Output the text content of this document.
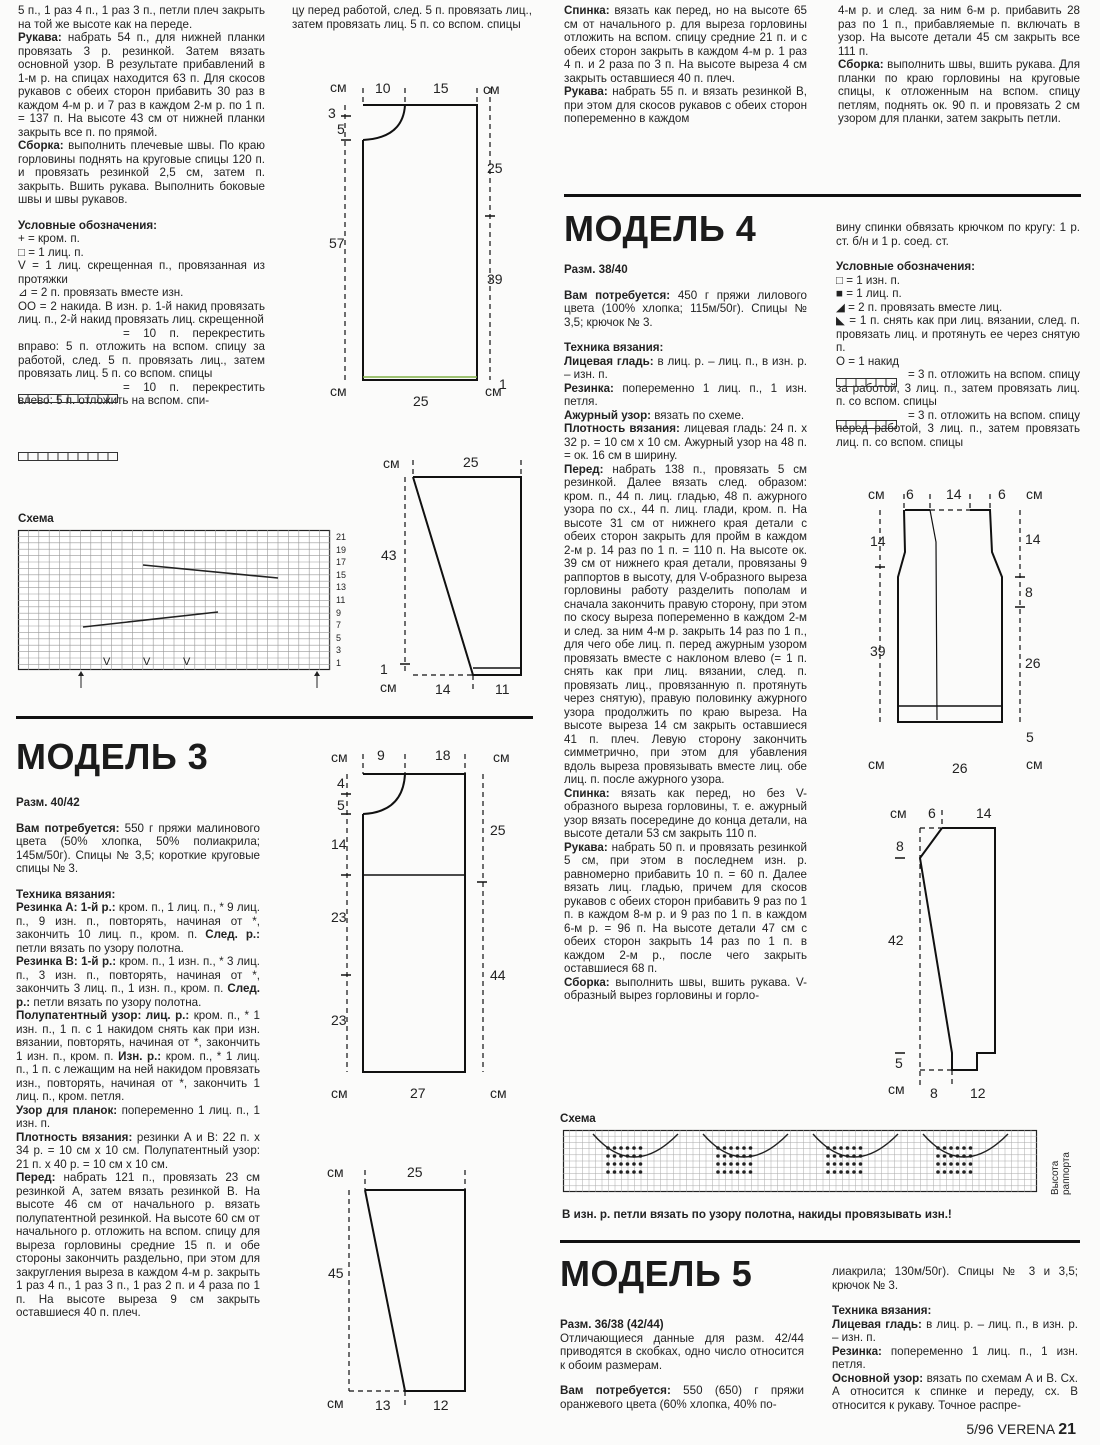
5 п., 1 раз 4 п., 1 раз 3 п., петли плеч закрыть на той же высоте как на переде.

Рукава: набрать 54 п., для нижней планки провязать 3 р. резинкой. Затем вязать основной узор. В результате прибавлений в 1-м р. на спицах находится 63 п. Для скосов рукавов с обеих сторон прибавить 30 раз в каждом 4-м р. и 7 раз в каждом 2-м р. по 1 п. = 137 п. На высоте 43 см от нижней планки закрыть все п. по прямой.

Сборка: выполнить плечевые швы. По краю горловины поднять на круговые спицы 120 п. и провязать резинкой 2,5 см, затем п. закрыть. Вшить рукава. Выполнить боковые швы и швы рукавов.

Условные обозначения:

+ = кром. п.

□ = 1 лиц. п.

V = 1 лиц. скрещенная п., провязанная из протяжки

⊿ = 2 п. провязать вместе изн.

OO = 2 накида. В изн. р. 1-й накид провязать лиц. п., 2-й накид провязать лиц. скрещенной

= 10 п. перекрестить вправо: 5 п. отложить на вспом. спицу за работой, след. 5 п. провязать лиц., затем провязать лиц. 5 п. со вспом. спицы

= 10 п. перекрестить влево: 5 п. отложить на вспом. спи-

Схема
V	V	V
21
19
17
15
13
11
9
7
5
3
1
МОДЕЛЬ 3

Разм. 40/42

Вам потребуется: 550 г пряжи малинового цвета (50% хлопка, 50% полиакрила; 145м/50г). Спицы № 3,5; короткие круговые спицы № 3.

Техника вязания:

Резинка А: 1-й р.: кром. п., 1 лиц. п., * 9 лиц. п., 9 изн. п., повторять, начиная от *, закончить 10 лиц. п., кром. п. След. р.: петли вязать по узору полотна.

Резинка В: 1-й р.: кром. п., 1 изн. п., * 3 лиц. п., 3 изн. п., повторять, начиная от *, закончить 3 лиц. п., 1 изн. п., кром. п. След. р.: петли вязать по узору полотна.

Полупатентный узор: лиц. р.: кром. п., * 1 изн. п., 1 п. с 1 накидом снять как при изн. вязании, повторять, начиная от *, закончить 1 изн. п., кром. п. Изн. р.: кром. п., * 1 лиц. п., 1 п. с лежащим на ней накидом провязать изн., повторять, начиная от *, закончить 1 лиц. п., кром. петля.

Узор для планок: попеременно 1 лиц. п., 1 изн. п.

Плотность вязания: резинки А и В: 22 п. х 34 р. = 10 см х 10 см. Полупатентный узор: 21 п. х 40 р. = 10 см х 10 см.

Перед: набрать 121 п., провязать 23 см резинкой А, затем вязать резинкой В. На высоте 46 см от начального р. вязать полупатентной резинкой. На высоте 60 см от начального р. отложить на вспом. спицу для выреза горловины средние 15 п. и обе стороны закончить раздельно, при этом для закругления выреза в каждом 4-м р. закрыть 1 раз 4 п., 1 раз 3 п., 1 раз 2 п. и 4 раза по 1 п. На высоте выреза 9 см закрыть оставшиеся 40 п. плеч.

цу перед работой, след. 5 п. провязать лиц., затем провязать лиц. 5 п. со вспом. спицы

см
см	см
см
10	15
3
5
25
57
39
25
1
см
см
25
43
14	11
1
см	см
см	см
9	18
4
5
14
25
23
44
23
27
см
см
25
45
13	12

Спинка: вязать как перед, но на высоте 65 см от начального р. для выреза горловины отложить на вспом. спицу средние 21 п. и с обеих сторон закрыть в каждом 4-м р. 1 раз 4 п. и 2 раза по 3 п. На высоте выреза 4 см закрыть оставшиеся 40 п. плеч.

Рукава: набрать 55 п. и вязать резинкой В, при этом для скосов рукавов с обеих сторон попеременно в каждом

4-м р. и след. за ним 6-м р. прибавить 28 раз по 1 п., прибавляемые п. включать в узор. На высоте детали 45 см закрыть все 111 п.

Сборка: выполнить швы, вшить рукава. Для планки по краю горловины на круговые спицы, к отложенным на вспом. спицу петлям, поднять ок. 90 п. и провязать 2 см узором для планки, затем закрыть петли.

МОДЕЛЬ 4

Разм. 38/40

Вам потребуется: 450 г пряжи лилового цвета (100% хлопка; 115м/50г). Спицы № 3,5; крючок № 3.

Техника вязания:

Лицевая гладь: в лиц. р. – лиц. п., в изн. р. – изн. п.

Резинка: попеременно 1 лиц. п., 1 изн. петля.

Ажурный узор: вязать по схеме.

Плотность вязания: лицевая гладь: 24 п. х 32 р. = 10 см х 10 см. Ажурный узор на 48 п. = ок. 16 см в ширину.

Перед: набрать 138 п., провязать 5 см резинкой. Далее вязать след. образом: кром. п., 44 п. лиц. гладью, 48 п. ажурного узора по сх., 44 п. лиц. глади, кром. п. На высоте 31 см от нижнего края детали с обеих сторон закрыть для пройм в каждом 2-м р. 14 раз по 1 п. = 110 п. На высоте ок. 39 см от нижнего края детали, провязаны 9 раппортов в высоту, для V-образного выреза горловины работу разделить пополам и сначала закончить правую сторону, при этом по скосу выреза попеременно в каждом 2-м и след. за ним 4-м р. закрыть 14 раз по 1 п., для чего обе лиц. п. перед ажурным узором провязать вместе с наклоном влево (= 1 п. снять как при лиц. вязании, след. п. провязать лиц., провязанную п. протянуть через снятую), правую половинку ажурного узора продолжить по краю выреза. На высоте выреза 14 см закрыть оставшиеся 41 п. плеч. Левую сторону закончить симметрично, при этом для убавления вдоль выреза провязывать вместе лиц. обе лиц. п. после ажурного узора.

Спинка: вязать как перед, но без V-образного выреза горловины, т. е. ажурный узор вязать посередине до конца детали, на высоте детали 53 см закрыть 110 п.

Рукава: набрать 50 п. и провязать резинкой 5 см, при этом в последнем изн. р. равномерно прибавить 10 п. = 60 п. Далее вязать лиц. гладью, причем для скосов рукавов с обеих сторон прибавить 9 раз по 1 п. в каждом 8-м р. и 9 раз по 1 п. в каждом 6-м р. = 96 п. На высоте детали 47 см с обеих сторон закрыть 14 раз по 1 п. в каждом 2-м р., после чего закрыть оставшиеся 68 п.

Сборка: выполнить швы, вшить рукава. V-образный вырез горловины и горло-

вину спинки обвязать крючком по кругу: 1 р. ст. б/н и 1 р. соед. ст.

Условные обозначения:

□ = 1 изн. п.

■ = 1 лиц. п.

◢ = 2 п. провязать вместе лиц.

◣ = 1 п. снять как при лиц. вязании, след. п. провязать лиц. и протянуть ее через снятую п.

O = 1 накид

= 3 п. отложить на вспом. спицу за работой, 3 лиц. п., затем провязать лиц. п. со вспом. спицы

= 3 п. отложить на вспом. спицу перед работой, 3 лиц. п., затем провязать лиц. п. со вспом. спицы

см	см
см	см
6 14	6
14	14
8
39
26
26
5
см
см
6	14
8
42
5
8 12
Схема
Высота раппорта
В изн. р. петли вязать по узору полотна, накиды провязывать изн.!
МОДЕЛЬ 5

Разм. 36/38 (42/44)

Отличающиеся данные для разм. 42/44 приводятся в скобках, одно число относится к обоим размерам.

Вам потребуется: 550 (650) г пряжи оранжевого цвета (60% хлопка, 40% по-

лиакрила; 130м/50г). Спицы № 3 и 3,5; крючок № 3.

Техника вязания:

Лицевая гладь: в лиц. р. – лиц. п., в изн. р. – изн. п.

Резинка: попеременно 1 лиц. п., 1 изн. петля.

Основной узор: вязать по схемам А и В. Сх. А относится к спинке и переду, сх. В относится к рукаву. Точное распре-

5/96 VERENA 21
